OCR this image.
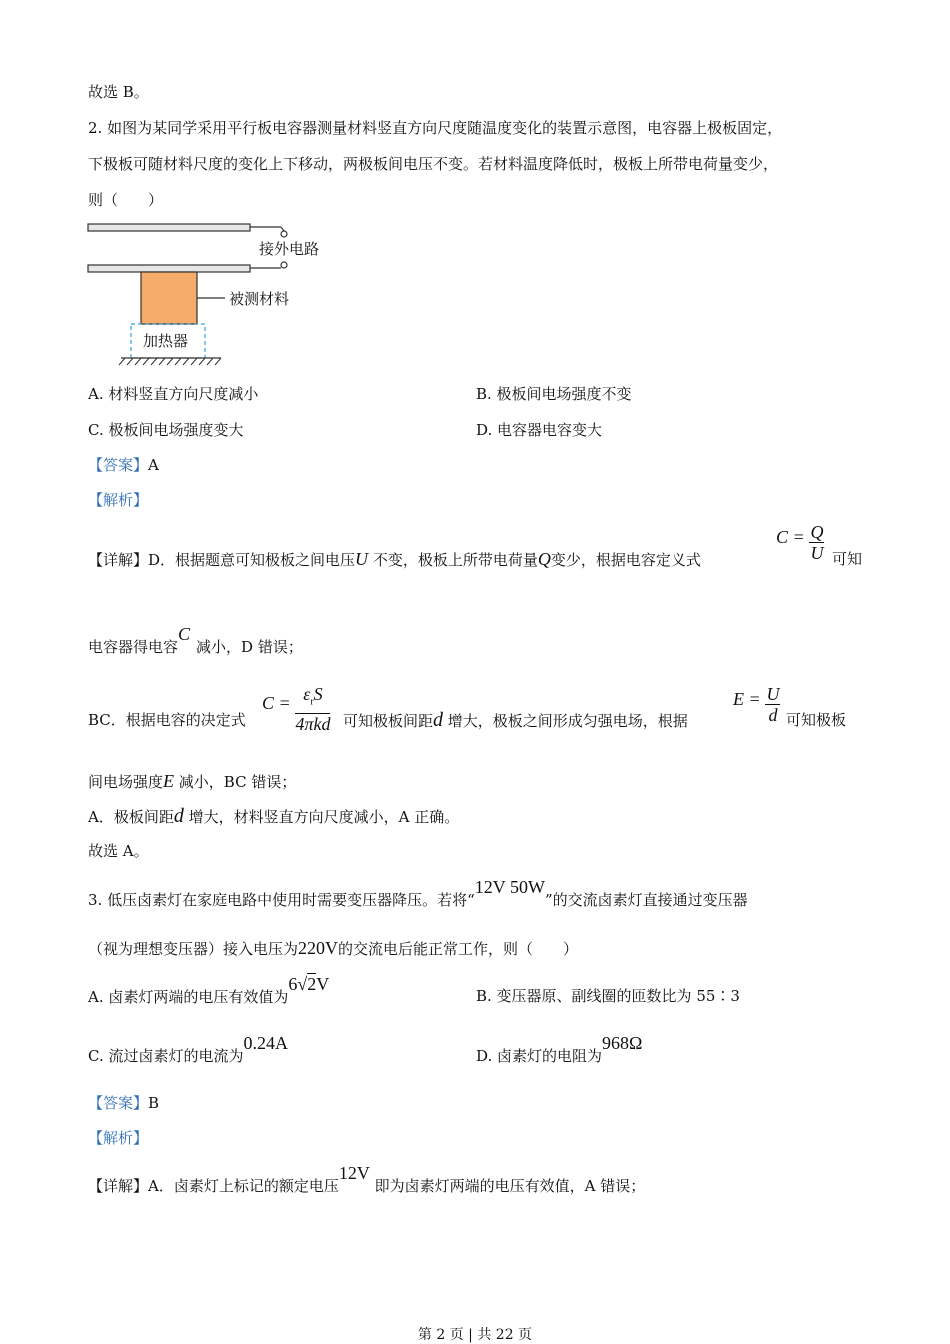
故选 B。
2. 如图为某同学采用平行板电容器测量材料竖直方向尺度随温度变化的装置示意图，电容器上极板固定，
下极板可随材料尺度的变化上下移动，两极板间电压不变。若材料温度降低时，极板上所带电荷量变少，
则（　　）
接外电路
被测材料
加热器
A. 材料竖直方向尺度减小	B. 极板间电场强度不变
C. 极板间电场强度变大	D. 电容器电容变大
【答案】A
【解析】
【详解】D．根据题意可知极板之间电压U 不变，极板上所带电荷量Q变少，根据电容定义式
$C = \frac{Q}{U}$ 可知
电容器得电容C减小，D 错误；
BC．根据电容的决定式
$C = \frac{\varepsilon_rS}{\text{4πkd}}$ 可知极板间距d 增大，极板之间形成匀强电场，根据
$E = \frac{U}{d}$ 可知极板
间电场强度E 减小，BC 错误；
A．极板间距d 增大，材料竖直方向尺度减小，A 正确。
故选 A。
3. 低压卤素灯在家庭电路中使用时需要变压器降压。若将“12V 50W”的交流卤素灯直接通过变压器
（视为理想变压器）接入电压为220V的交流电后能正常工作，则（　　）
A. 卤素灯两端的电压有效值为6√2V
B. 变压器原、副线圈的匝数比为 55∶3
C. 流过卤素灯的电流为0.24A
D. 卤素灯的电阻为968Ω
【答案】B
【解析】
【详解】A．卤素灯上标记的额定电压12V 即为卤素灯两端的电压有效值，A 错误；
第 2 页 | 共 22 页
